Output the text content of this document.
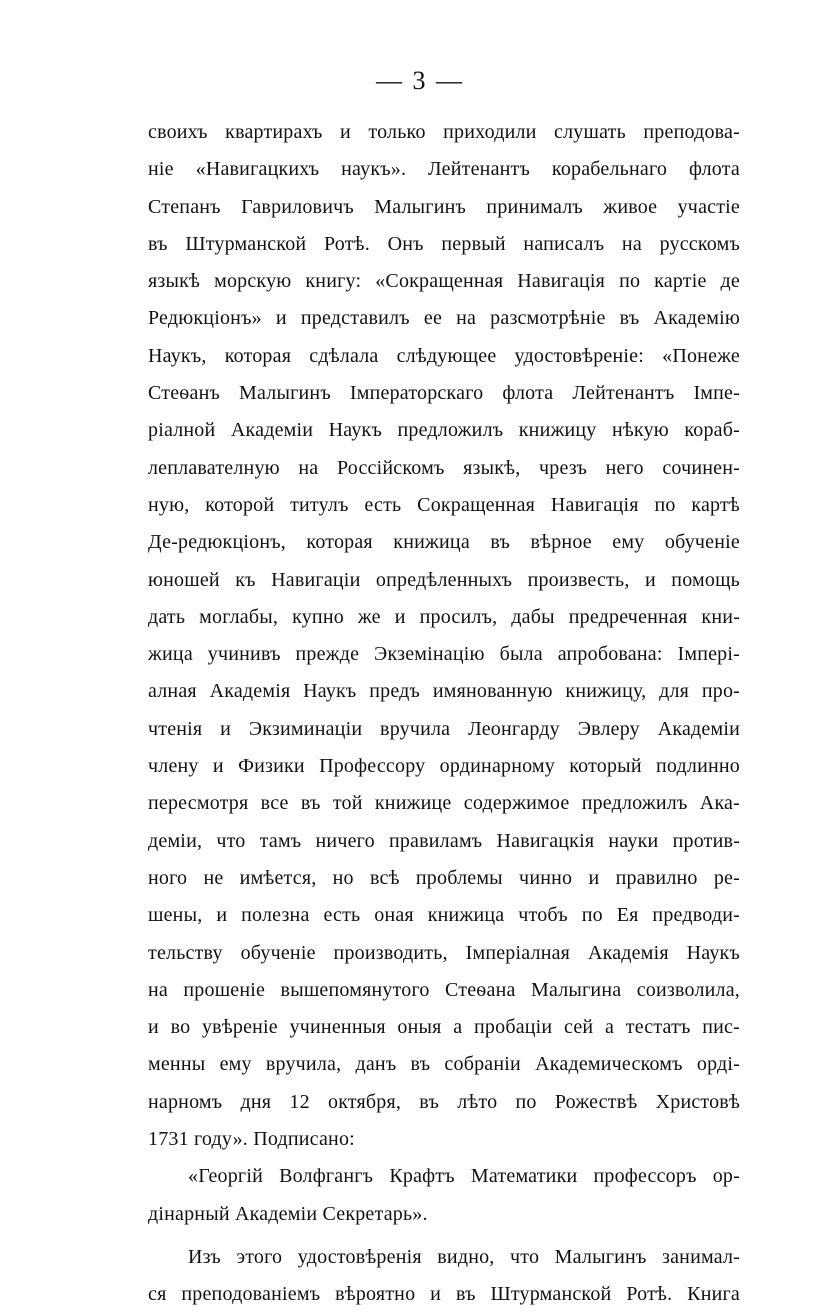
— 3 —
своихъ квартирахъ и только приходили слушать преподова-
ніе «Навигацкихъ наукъ». Лейтенантъ корабельнаго флота
Степанъ Гавриловичъ Малыгинъ принималъ живое участіе
въ Штурманской Ротѣ. Онъ первый написалъ на русскомъ
языкѣ морскую книгу: «Сокращенная Навигація по картіе де
Редюкціонъ» и представилъ ее на разсмотрѣніе въ Академію
Наукъ, которая сдѣлала слѣдующее удостовѣреніе: «Понеже
Стеѳанъ Малыгинъ Імператорскаго флота Лейтенантъ Імпе-
ріалной Академіи Наукъ предложилъ книжицу нѣкую кораб-
леплавателную на Россійскомъ языкѣ, чрезъ него сочинен-
ную, которой титулъ есть Сокращенная Навигація по картѣ
Де-редюкціонъ, которая книжица въ вѣрное ему обученіе
юношей къ Навигаціи опредѣленныхъ произвесть, и помощь
дать моглабы, купно же и просилъ, дабы предреченная кни-
жица учинивъ прежде Экземінацію была апробована: Імпері-
алная Академія Наукъ предъ имянованную книжицу, для про-
чтенія и Экзиминаціи вручила Леонгарду Эвлеру Академіи
члену и Физики Профессору ординарному который подлинно
пересмотря все въ той книжице содержимое предложилъ Ака-
деміи, что тамъ ничего правиламъ Навигацкія науки против-
ного не имѣется, но всѣ проблемы чинно и правилно ре-
шены, и полезна есть оная книжица чтобъ по Ея предводи-
тельству обученіе производить, Імперіалная Академія Наукъ
на прошеніе вышепомянутого Стеѳана Малыгина соизволила,
и во увѣреніе учиненныя оныя а пробаціи сей а тестатъ пис-
менны ему вручила, данъ въ собраніи Академическомъ орді-
нарномъ дня 12 октября, въ лѣто по Рожествѣ Христовѣ
1731 году». Подписано:
«Георгій Волфгангъ Крафтъ Математики профессоръ ор-
дінарный Академіи Секретарь».
Изъ этого удостовѣренія видно, что Малыгинъ занимал-
ся преподованіемъ вѣроятно и въ Штурманской Ротѣ. Книга
